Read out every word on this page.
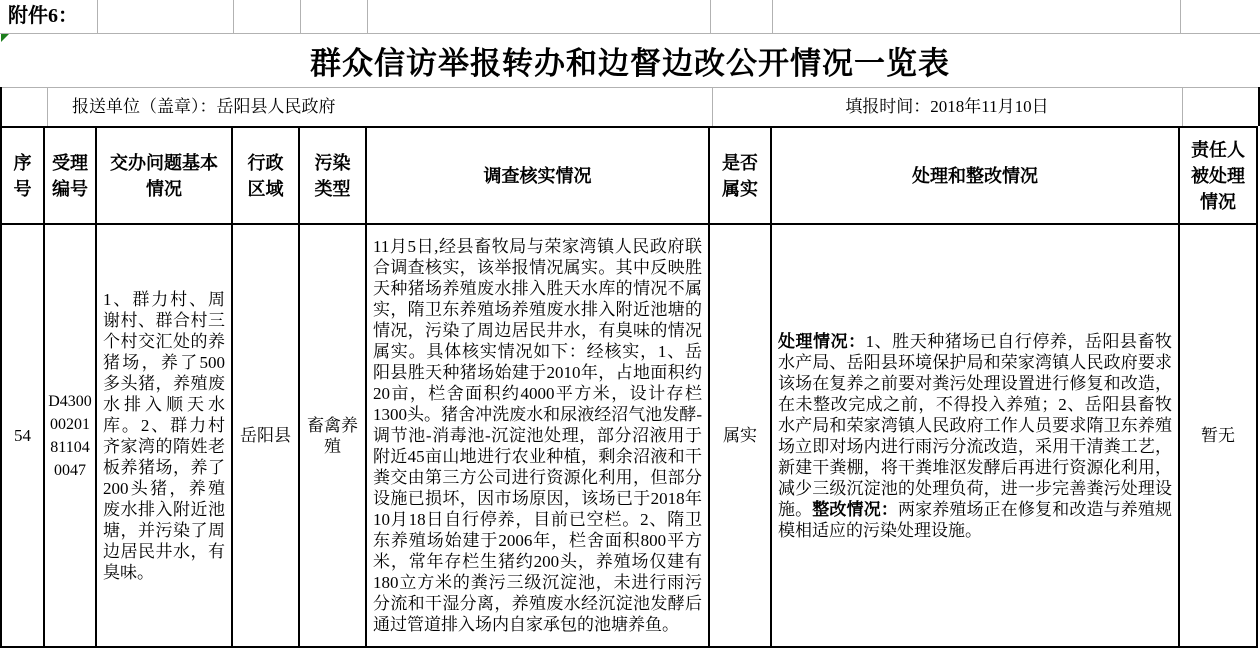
附件6：
群众信访举报转办和边督边改公开情况一览表
报送单位（盖章）：岳阳县人民政府	填报时间：2018年11月10日
序号
受理编号
交办问题基本情况
行政区域
污染类型
调查核实情况
是否属实
处理和整改情况
责任人被处理情况
54
D430000201811040047
1、群力村、周谢村、群合村三个村交汇处的养猪场，养了500多头猪，养殖废水排入顺天水库。2、群力村齐家湾的隋姓老板养猪场，养了200头猪，养殖废水排入附近池塘，并污染了周边居民井水，有臭味。
岳阳县
畜禽养殖
11月5日,经县畜牧局与荣家湾镇人民政府联合调查核实，该举报情况属实。其中反映胜天种猪场养殖废水排入胜天水库的情况不属实，隋卫东养殖场养殖废水排入附近池塘的情况，污染了周边居民井水，有臭味的情况属实。具体核实情况如下：经核实，1、岳阳县胜天种猪场始建于2010年，占地面积约20亩，栏舍面积约4000平方米，设计存栏1300头。猪舍冲洗废水和尿液经沼气池发酵-调节池-消毒池-沉淀池处理，部分沼液用于附近45亩山地进行农业种植，剩余沼液和干粪交由第三方公司进行资源化利用，但部分设施已损坏，因市场原因，该场已于2018年10月18日自行停养，目前已空栏。2、隋卫东养殖场始建于2006年，栏舍面积800平方米，常年存栏生猪约200头，养殖场仅建有180立方米的粪污三级沉淀池，未进行雨污分流和干湿分离，养殖废水经沉淀池发酵后通过管道排入场内自家承包的池塘养鱼。
属实
处理情况：1、胜天种猪场已自行停养，岳阳县畜牧水产局、岳阳县环境保护局和荣家湾镇人民政府要求该场在复养之前要对粪污处理设置进行修复和改造，在未整改完成之前，不得投入养殖；2、岳阳县畜牧水产局和荣家湾镇人民政府工作人员要求隋卫东养殖场立即对场内进行雨污分流改造，采用干清粪工艺，新建干粪棚，将干粪堆沤发酵后再进行资源化利用，减少三级沉淀池的处理负荷，进一步完善粪污处理设施。整改情况：两家养殖场正在修复和改造与养殖规模相适应的污染处理设施。
暂无
